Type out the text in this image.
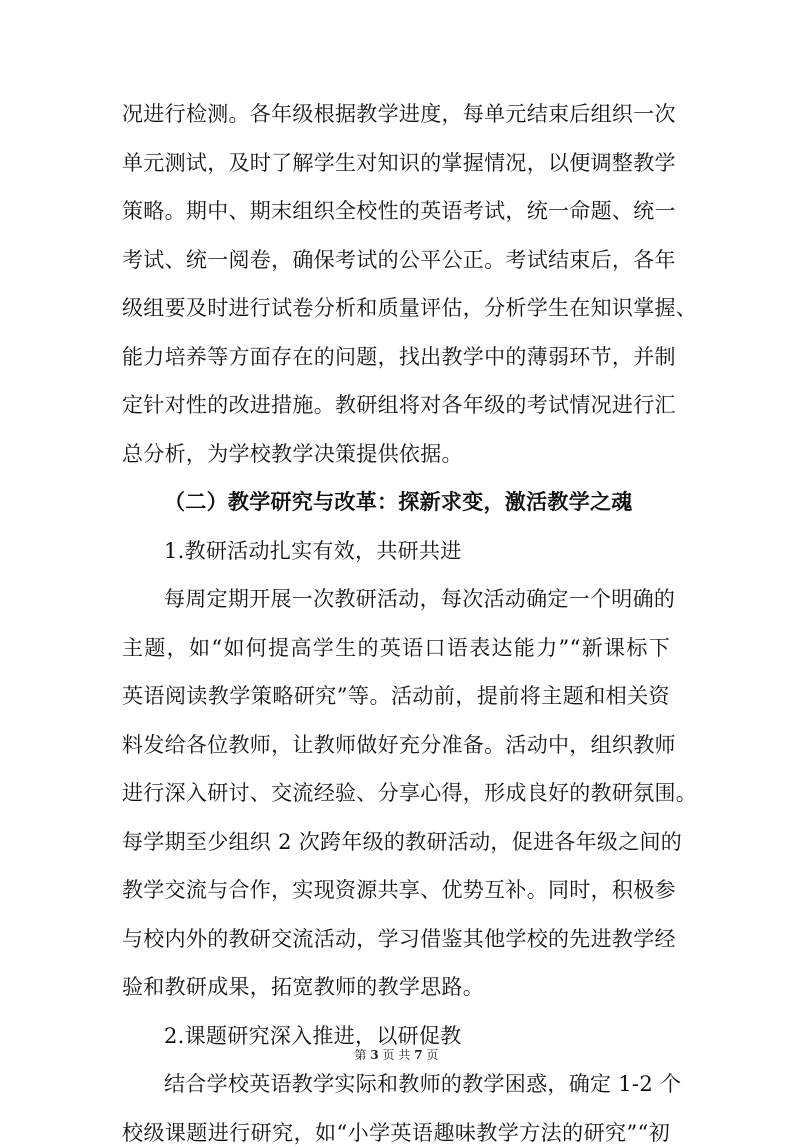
况进行检测。各年级根据教学进度，每单元结束后组织一次
单元测试，及时了解学生对知识的掌握情况，以便调整教学
策略。期中、期末组织全校性的英语考试，统一命题、统一
考试、统一阅卷，确保考试的公平公正。考试结束后，各年
级组要及时进行试卷分析和质量评估，分析学生在知识掌握、
能力培养等方面存在的问题，找出教学中的薄弱环节，并制
定针对性的改进措施。教研组将对各年级的考试情况进行汇
总分析，为学校教学决策提供依据。
（二）教学研究与改革：探新求变，激活教学之魂
1.教研活动扎实有效，共研共进
每周定期开展一次教研活动，每次活动确定一个明确的
主题，如“如何提高学生的英语口语表达能力”“新课标下
英语阅读教学策略研究”等。活动前，提前将主题和相关资
料发给各位教师，让教师做好充分准备。活动中，组织教师
进行深入研讨、交流经验、分享心得，形成良好的教研氛围。
每学期至少组织 2 次跨年级的教研活动，促进各年级之间的
教学交流与合作，实现资源共享、优势互补。同时，积极参
与校内外的教研交流活动，学习借鉴其他学校的先进教学经
验和教研成果，拓宽教师的教学思路。
2.课题研究深入推进，以研促教
结合学校英语教学实际和教师的教学困惑，确定 1-2 个
校级课题进行研究，如“小学英语趣味教学方法的研究”“初
第 3 页 共 7 页
